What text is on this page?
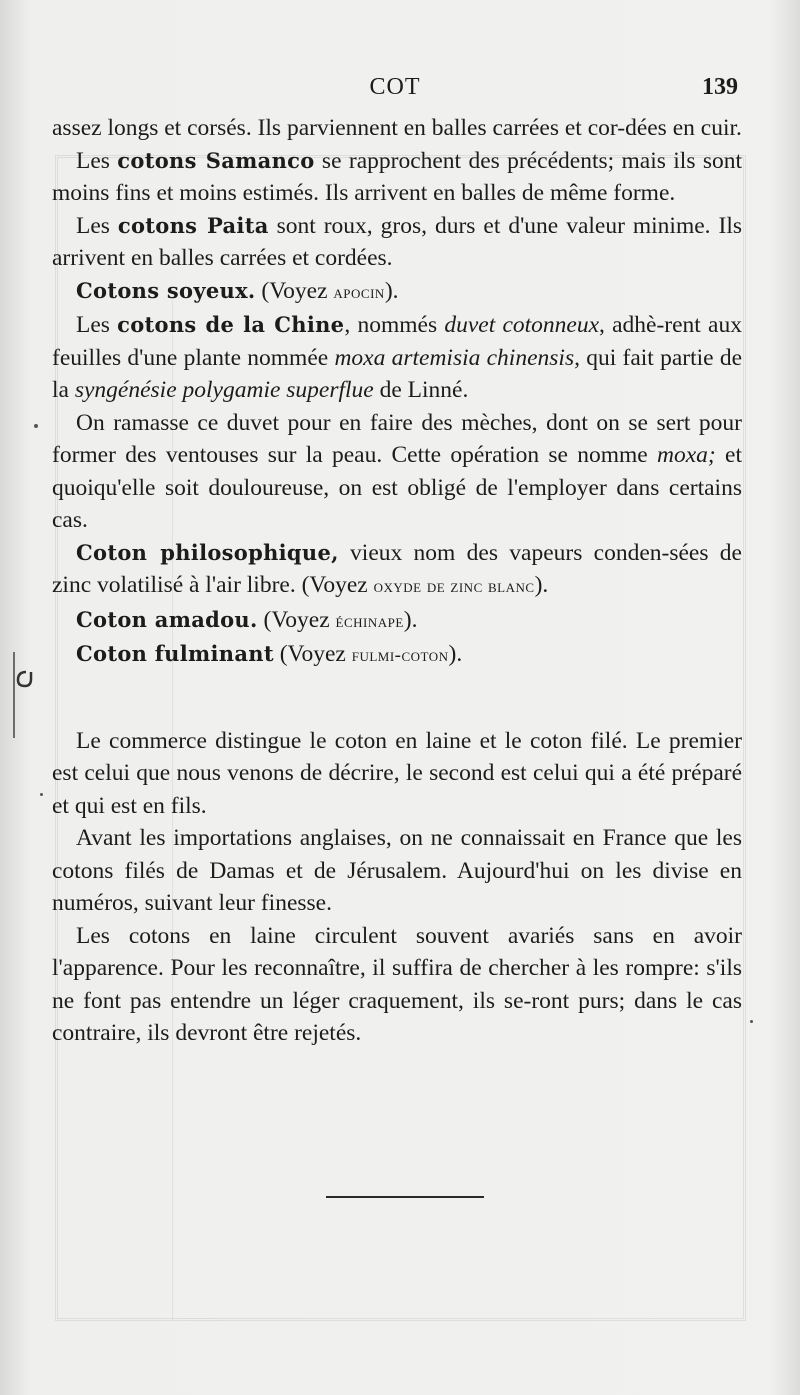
COT	139

assez longs et corsés. Ils parviennent en balles carrées et cor-dées en cuir.

Les cotons Samanco se rapprochent des précédents; mais ils sont moins fins et moins estimés. Ils arrivent en balles de même forme.

Les cotons Paita sont roux, gros, durs et d'une valeur minime. Ils arrivent en balles carrées et cordées.

Cotons soyeux. (Voyez apocin).

Les cotons de la Chine, nommés duvet cotonneux, adhè-rent aux feuilles d'une plante nommée moxa artemisia chinensis, qui fait partie de la syngénésie polygamie superflue de Linné.

On ramasse ce duvet pour en faire des mèches, dont on se sert pour former des ventouses sur la peau. Cette opération se nomme moxa; et quoiqu'elle soit douloureuse, on est obligé de l'employer dans certains cas.

Coton philosophique, vieux nom des vapeurs conden-sées de zinc volatilisé à l'air libre. (Voyez oxyde de zinc blanc).

Coton amadou. (Voyez échinape).

Coton fulminant (Voyez fulmi-coton).

Le commerce distingue le coton en laine et le coton filé. Le premier est celui que nous venons de décrire, le second est celui qui a été préparé et qui est en fils.

Avant les importations anglaises, on ne connaissait en France que les cotons filés de Damas et de Jérusalem. Aujourd'hui on les divise en numéros, suivant leur finesse.

Les cotons en laine circulent souvent avariés sans en avoir l'apparence. Pour les reconnaître, il suffira de chercher à les rompre: s'ils ne font pas entendre un léger craquement, ils se-ront purs; dans le cas contraire, ils devront être rejetés.
